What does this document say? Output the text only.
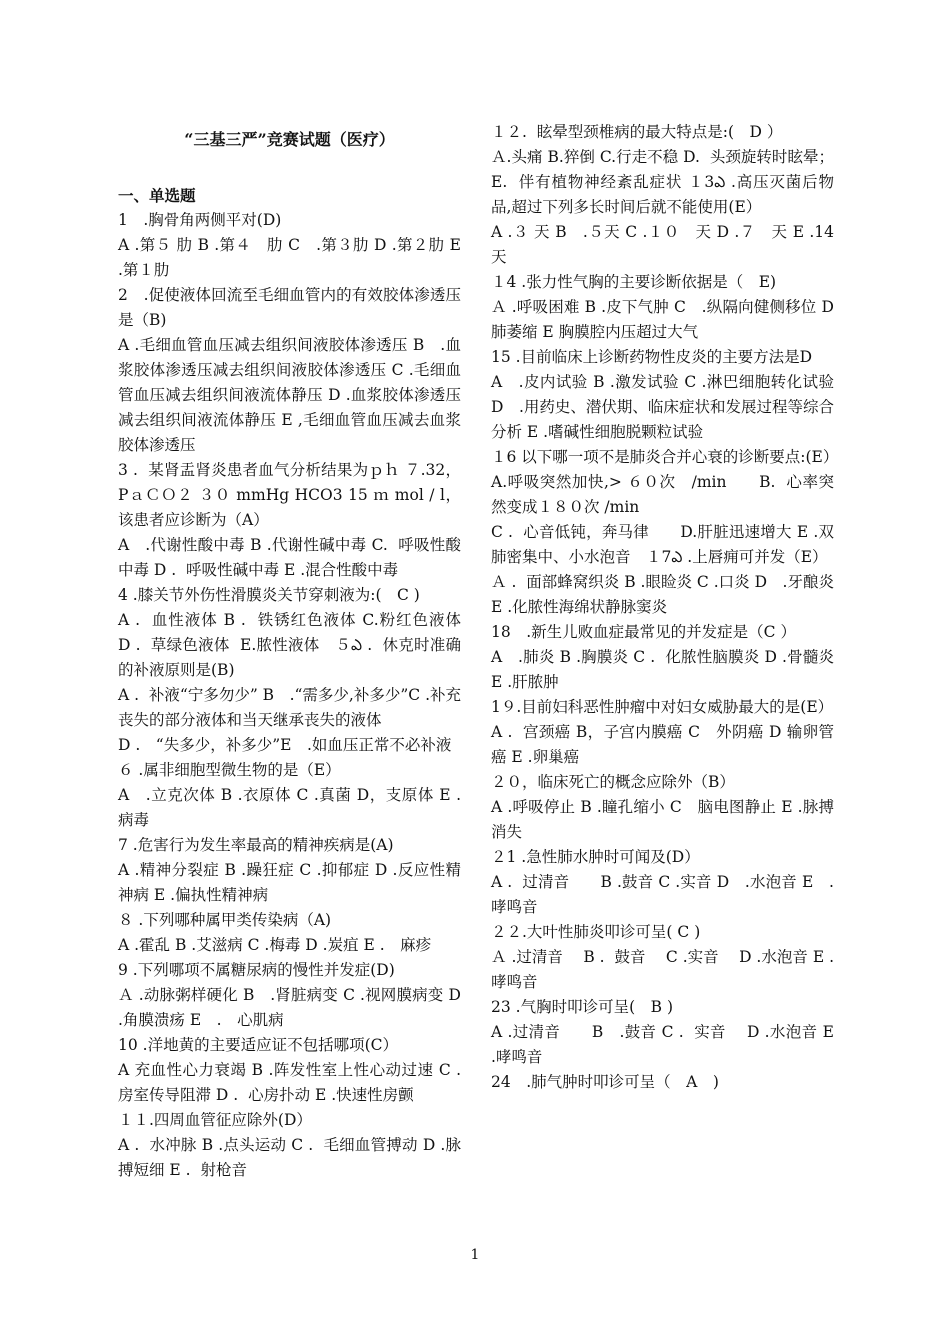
“三基三严”竞赛试题（医疗）
一、单选题
1　.胸骨角两侧平对(D)
A .第５ 肋 B .第４　肋 C　.第３肋 D .第２肋 E .第１肋
2　.促使液体回流至毛细血管内的有效胶体渗透压是（B)
A .毛细血管血压减去组织间液胶体渗透压 B　.血浆胶体渗透压减去组织间液胶体渗透压 C .毛细血管血压减去组织间液流体静压 D .血浆胶体渗透压减去组织间液流体静压 E ,毛细血管血压减去血浆胶体渗透压
3 .  某肾盂肾炎患者血气分析结果为ｐｈ ７.32，PａＣＯ２ ３０ mmHg HCO3 15 ｍ mol / l，该患者应诊断为（A）
A　.代谢性酸中毒 B .代谢性碱中毒 C.  呼吸性酸中毒 D .  呼吸性碱中毒 E .混合性酸中毒
4 .膝关节外伤性滑膜炎关节穿刺液为:(　C )
A .  血性液体 B .  铁锈红色液体 C.粉红色液体　D .  草绿色液体  E.脓性液体　５ఎ .  休克时准确的补液原则是(B)
A .  补液“宁多勿少” B　.“需多少,补多少”C .补充丧失的部分液体和当天继承丧失的液体
D .　“失多少，补多少”E　.如血压正常不必补液
６ .属非细胞型微生物的是（E）
A　.立克次体 B .衣原体 C .真菌 D，支原体 E .病毒
7 .危害行为发生率最高的精神疾病是(A)
A .精神分裂症 B .躁狂症 C .抑郁症 D .反应性精神病 E .偏执性精神病
８ .下列哪种属甲类传染病（A)
A .霍乱 B .艾滋病 C .梅毒 D .炭疽 E .　麻疹
9 .下列哪项不属糖尿病的慢性并发症(D)
Ａ .动脉粥样硬化 B　.肾脏病变 C .视网膜病变 D .角膜溃疡 E　.　心肌病
10 .洋地黄的主要适应证不包括哪项(C）
A 充血性心力衰竭 B .阵发性室上性心动过速 C .  房室传导阻滞 D .  心房扑动 E .快速性房颤
１１.四周血管征应除外(D）
A .  水冲脉 B .点头运动 C .  毛细血管搏动 D .脉搏短细 E .  射枪音
１２.  眩晕型颈椎病的最大特点是:(　D ）
Ａ.头痛 B.猝倒 C.行走不稳 D.  头颈旋转时眩晕；E.  伴有植物神经紊乱症状 １3ఎ .高压灭菌后物品,超过下列多长时间后就不能使用(E）
A .３ 天 B　.５天 C .１０　天 D .７　天 E .14 天
１4 .张力性气胸的主要诊断依据是（　E)
Ａ .呼吸困难 B .皮下气肿 C　.纵隔向健侧移位 D 肺萎缩 E 胸膜腔内压超过大气
15 .目前临床上诊断药物性皮炎的主要方法是D
A　.皮内试验 B .激发试验 C .淋巴细胞转化试验 D　.用药史、潜伏期、临床症状和发展过程等综合分析 E .嗜碱性细胞脱颗粒试验
１6 以下哪一项不是肺炎合并心衰的诊断要点:(E）
A.呼吸突然加快,> ６０次　/min　　B.  心率突然变成１８０次 /min
C .  心音低钝，奔马律　　D.肝脏迅速增大 E .双肺密集中、小水泡音　１7ఎ .上唇痈可并发（E）
Ａ .  面部蜂窝织炎 B .眼睑炎 C .口炎 D　.牙酿炎 E .化脓性海绵状静脉窦炎
18　.新生儿败血症最常见的并发症是（C ）
A　.肺炎 B .胸膜炎 C .  化脓性脑膜炎 D .骨髓炎 E .肝脓肿
1９.目前妇科恶性肿瘤中对妇女威胁最大的是(E）
A .  宫颈癌 B，子宫内膜癌 C　外阴癌 D 输卵管癌 E .卵巢癌
２０，临床死亡的概念应除外（B）
A .呼吸停止 B .瞳孔缩小 C　脑电图静止 E .脉搏消失
２1 .急性肺水肿时可闻及(D）
A .  过清音　　B .鼓音 C .实音 D　.水泡音 E　.哮鸣音
２２.大叶性肺炎叩诊可呈( C )
Ａ .过清音　 B .  鼓音　 C .实音　 D .水泡音 E .  哮鸣音
23 .气胸时叩诊可呈(　B )
A .过清音　　B　.鼓音 C .  实音　 D .水泡音 E .哮鸣音
24　.肺气肿时叩诊可呈（　A　)
1
